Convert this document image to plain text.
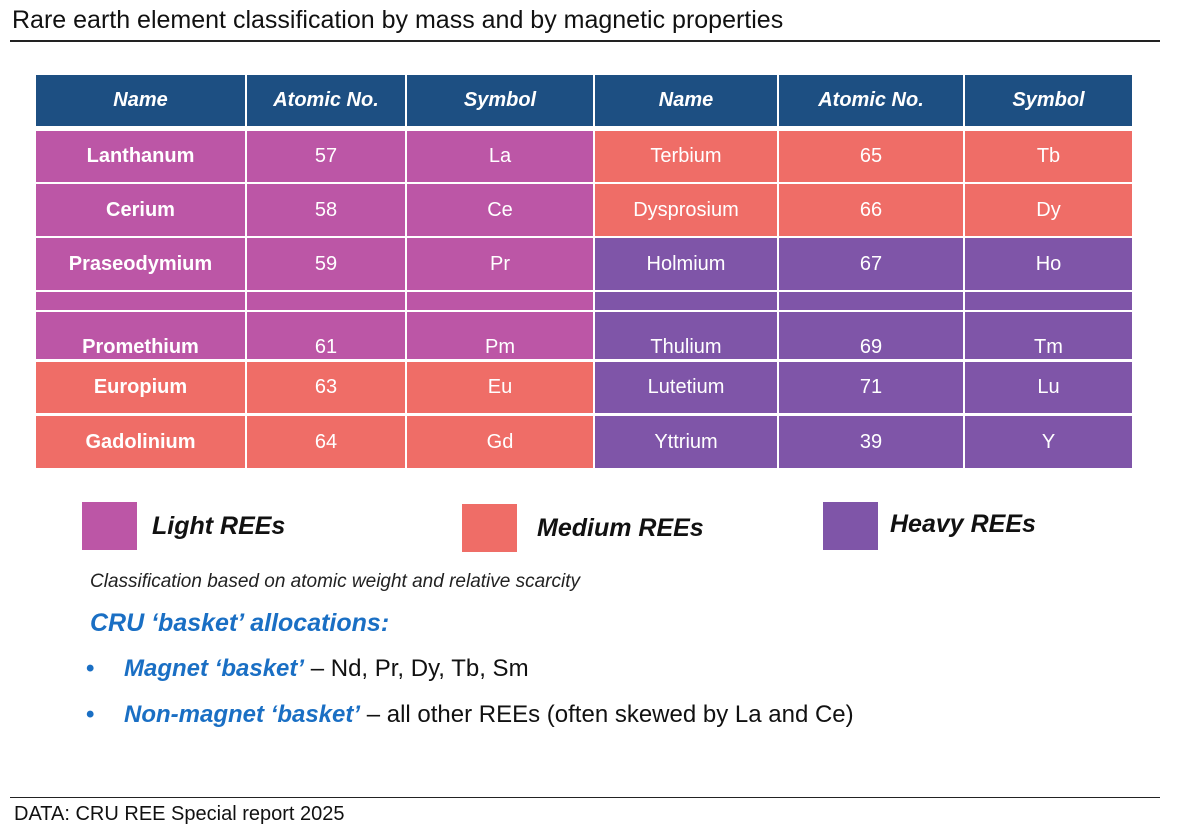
Rare earth element classification by mass and by magnetic properties
Name	Atomic No.	Symbol	Name	Atomic No.	Symbol
Lanthanum	57	La	Terbium	65	Tb
Cerium	58	Ce	Dysprosium	66	Dy
Praseodymium	59	Pr	Holmium	67	Ho
Promethium	61	Pm	Thulium	69	Tm
Europium	63	Eu	Lutetium	71	Lu
Gadolinium	64	Gd	Yttrium	39	Y
Light REEs	Medium REEs	Heavy REEs
Classification based on atomic weight and relative scarcity
CRU ‘basket’ allocations:
• Magnet ‘basket’ – Nd, Pr, Dy, Tb, Sm
• Non-magnet ‘basket’ – all other REEs (often skewed by La and Ce)
DATA: CRU REE Special report 2025
